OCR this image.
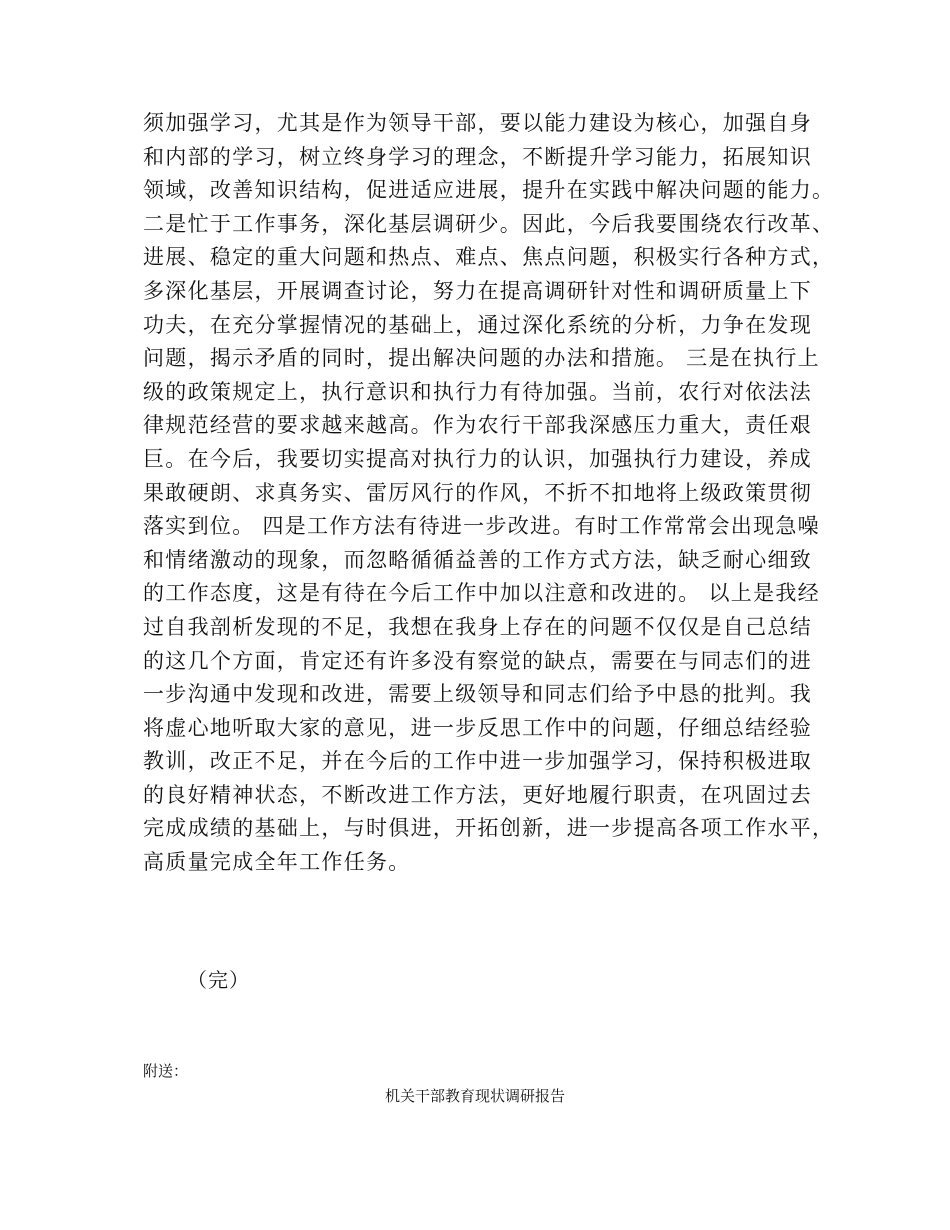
须加强学习，尤其是作为领导干部，要以能力建设为核心，加强自身
和内部的学习，树立终身学习的理念，不断提升学习能力，拓展知识
领域，改善知识结构，促进适应进展，提升在实践中解决问题的能力。
二是忙于工作事务，深化基层调研少。因此，今后我要围绕农行改革、
进展、稳定的重大问题和热点、难点、焦点问题，积极实行各种方式，
多深化基层，开展调查讨论，努力在提高调研针对性和调研质量上下
功夫，在充分掌握情况的基础上，通过深化系统的分析，力争在发现
问题，揭示矛盾的同时，提出解决问题的办法和措施。 三是在执行上
级的政策规定上，执行意识和执行力有待加强。当前，农行对依法法
律规范经营的要求越来越高。作为农行干部我深感压力重大，责任艰
巨。在今后，我要切实提高对执行力的认识，加强执行力建设，养成
果敢硬朗、求真务实、雷厉风行的作风，不折不扣地将上级政策贯彻
落实到位。 四是工作方法有待进一步改进。有时工作常常会出现急噪
和情绪激动的现象，而忽略循循益善的工作方式方法，缺乏耐心细致
的工作态度，这是有待在今后工作中加以注意和改进的。 以上是我经
过自我剖析发现的不足，我想在我身上存在的问题不仅仅是自己总结
的这几个方面，肯定还有许多没有察觉的缺点，需要在与同志们的进
一步沟通中发现和改进，需要上级领导和同志们给予中恳的批判。我
将虚心地听取大家的意见，进一步反思工作中的问题，仔细总结经验
教训，改正不足，并在今后的工作中进一步加强学习，保持积极进取
的良好精神状态，不断改进工作方法，更好地履行职责，在巩固过去
完成成绩的基础上，与时俱进，开拓创新，进一步提高各项工作水平，
高质量完成全年工作任务。
（完）
附送：
机关干部教育现状调研报告
